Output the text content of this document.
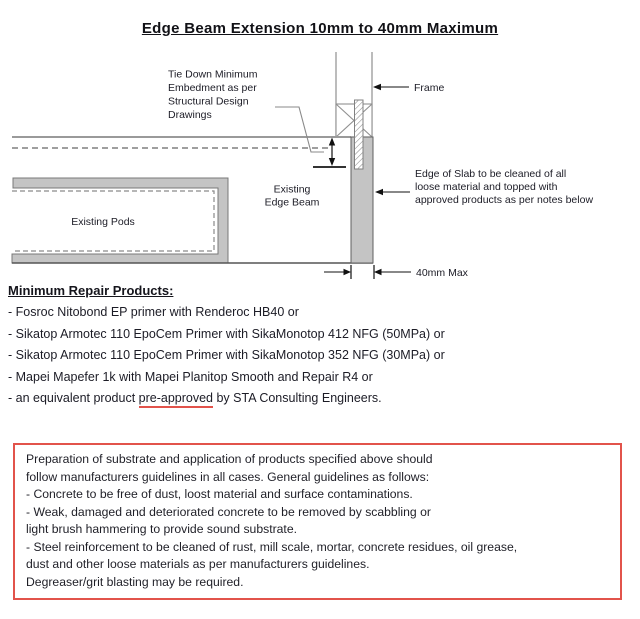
Edge Beam Extension 10mm to 40mm Maximum
Tie Down Minimum
Embedment as per
Structural Design
Drawings
Frame
Edge of Slab to be cleaned of all
loose material and topped with
approved products as per notes below
Existing
Edge Beam
Existing Pods
40mm Max
Minimum Repair Products:
- Fosroc Nitobond EP primer with Renderoc HB40 or
- Sikatop Armotec 110 EpoCem Primer with SikaMonotop 412 NFG (50MPa) or
- Sikatop Armotec 110 EpoCem Primer with SikaMonotop 352 NFG (30MPa) or
- Mapei Mapefer 1k with Mapei Planitop Smooth and Repair R4 or
- an equivalent product pre-approved by STA Consulting Engineers.
Preparation of substrate and application of products specified above should
follow manufacturers guidelines in all cases. General guidelines as follows:
- Concrete to be free of dust, loost material and surface contaminations.
- Weak, damaged and deteriorated concrete to be removed by scabbling or
light brush hammering to provide sound substrate.
- Steel reinforcement to be cleaned of rust, mill scale, mortar, concrete residues, oil grease,
dust and other loose materials as per manufacturers guidelines.
Degreaser/grit blasting may be required.
